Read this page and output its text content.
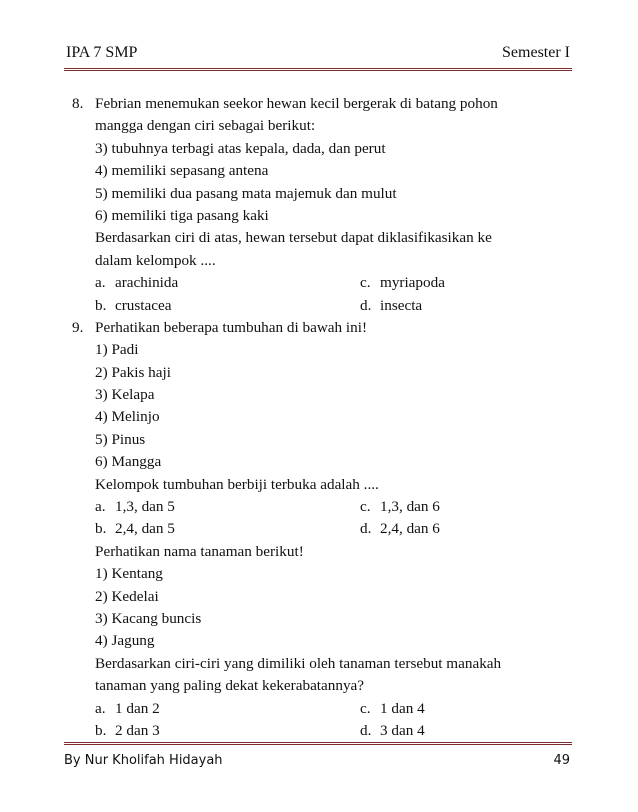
IPA 7 SMP	Semester I
8. Febrian menemukan seekor hewan kecil bergerak di batang pohon
mangga dengan ciri sebagai berikut:
3) tubuhnya terbagi atas kepala, dada, dan perut
4) memiliki sepasang antena
5) memiliki dua pasang mata majemuk dan mulut
6) memiliki tiga pasang kaki
Berdasarkan ciri di atas, hewan tersebut dapat diklasifikasikan ke
dalam kelompok ....
a. arachinida	c. myriapoda
b. crustacea	d. insecta
9. Perhatikan beberapa tumbuhan di bawah ini!
1) Padi
2) Pakis haji
3) Kelapa
4) Melinjo
5) Pinus
6) Mangga
Kelompok tumbuhan berbiji terbuka adalah ....
a. 1,3, dan 5	c. 1,3, dan 6
b. 2,4, dan 5	d. 2,4, dan 6
Perhatikan nama tanaman berikut!
1) Kentang
2) Kedelai
3) Kacang buncis
4) Jagung
Berdasarkan ciri-ciri yang dimiliki oleh tanaman tersebut manakah
tanaman yang paling dekat kekerabatannya?
a. 1 dan 2	c. 1 dan 4
b. 2 dan 3	d. 3 dan 4
By Nur Kholifah Hidayah	49
